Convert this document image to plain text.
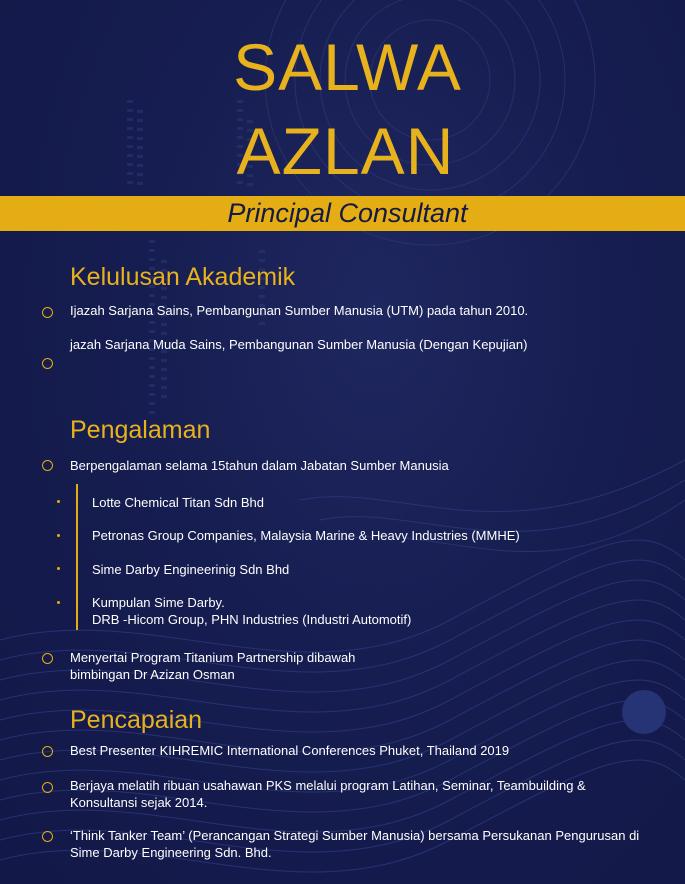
SALWA
AZLAN
Principal Consultant
Kelulusan Akademik
Ijazah Sarjana Sains, Pembangunan Sumber Manusia (UTM) pada tahun 2010.
jazah Sarjana Muda Sains, Pembangunan Sumber Manusia (Dengan Kepujian)
Pengalaman
Berpengalaman selama 15tahun dalam Jabatan Sumber Manusia
Lotte Chemical Titan Sdn Bhd
Petronas Group Companies, Malaysia Marine & Heavy Industries (MMHE)
Sime Darby Engineerinig Sdn Bhd
Kumpulan Sime Darby.
DRB -Hicom Group, PHN Industries (Industri Automotif)
Menyertai Program Titanium Partnership dibawah
bimbingan Dr Azizan Osman
Pencapaian
Best Presenter KIHREMIC International Conferences Phuket, Thailand 2019
Berjaya melatih ribuan usahawan PKS melalui program Latihan, Seminar, Teambuilding &
Konsultansi sejak 2014.
‘Think Tanker Team’ (Perancangan Strategi Sumber Manusia) bersama Persukanan Pengurusan di
Sime Darby Engineering Sdn. Bhd.
